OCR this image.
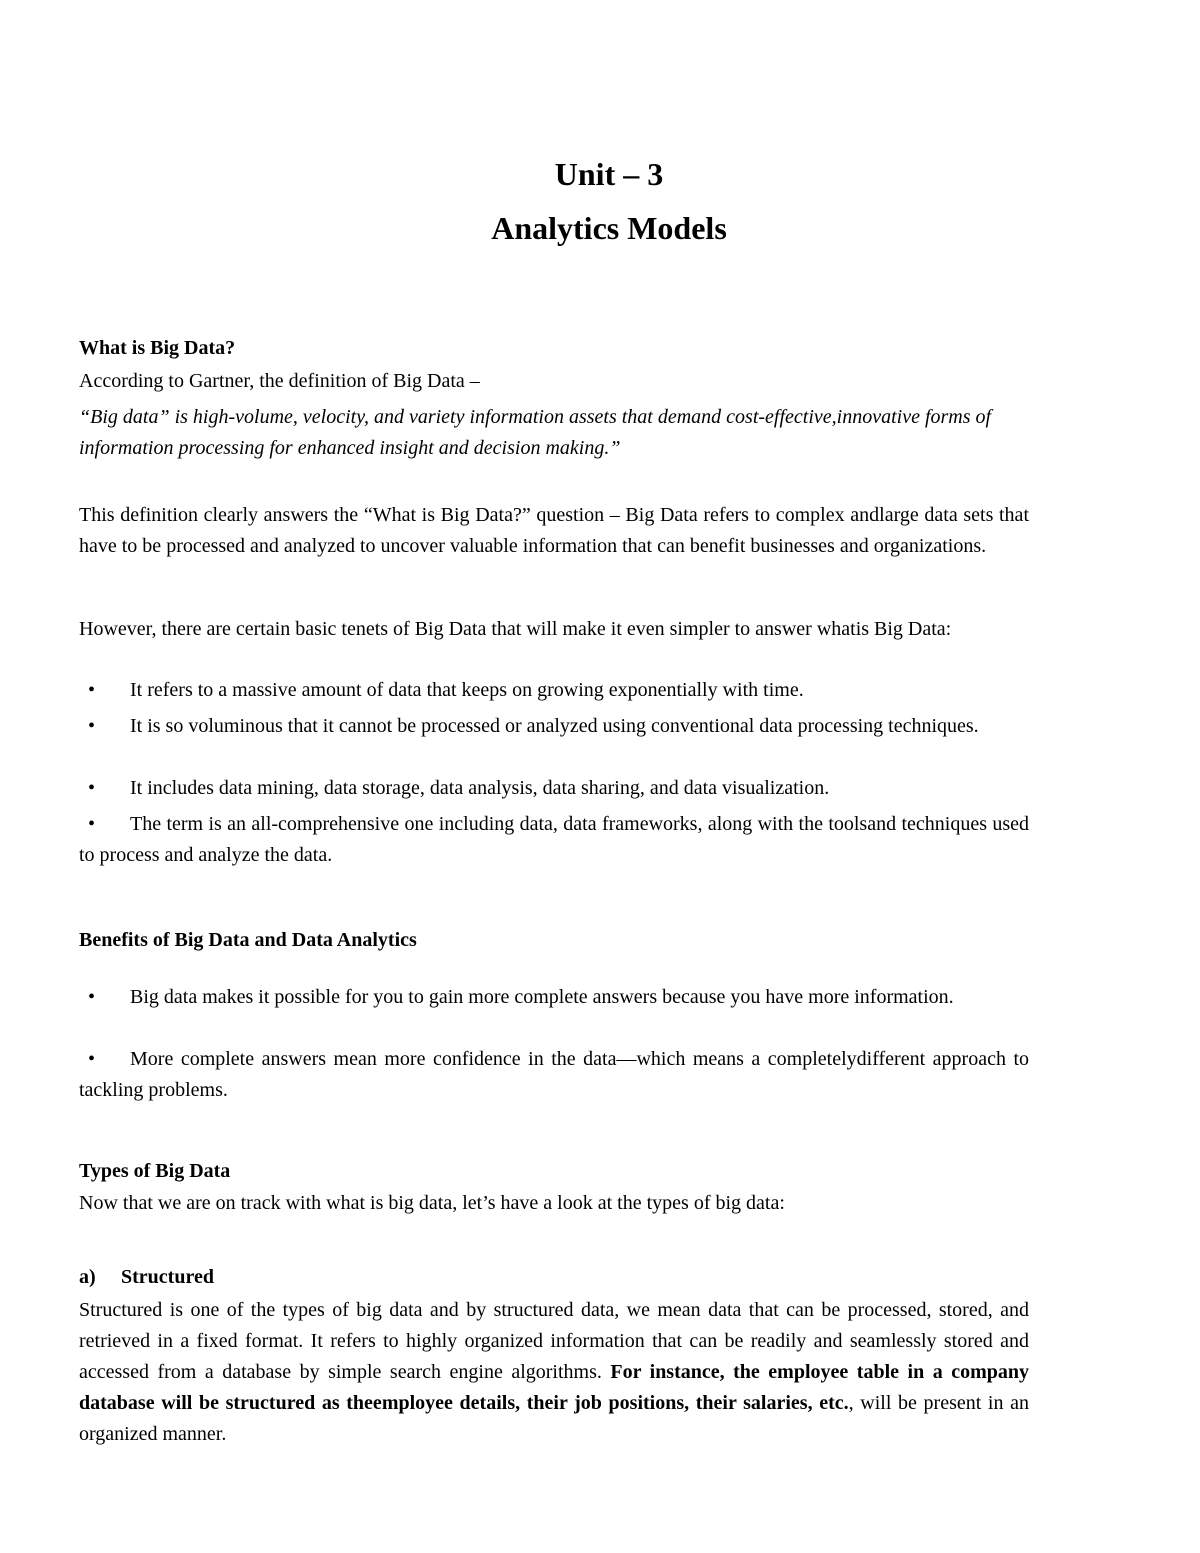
Unit – 3
Analytics Models
What is Big Data?
According to Gartner, the definition of Big Data –
“Big data” is high-volume, velocity, and variety information assets that demand cost-effective,innovative forms of information processing for enhanced insight and decision making.”
This definition clearly answers the “What is Big Data?” question – Big Data refers to complex andlarge data sets that have to be processed and analyzed to uncover valuable information that can benefit businesses and organizations.
However, there are certain basic tenets of Big Data that will make it even simpler to answer whatis Big Data:
• It refers to a massive amount of data that keeps on growing exponentially with time.
• It is so voluminous that it cannot be processed or analyzed using conventional data processing techniques.
• It includes data mining, data storage, data analysis, data sharing, and data visualization.
• The term is an all-comprehensive one including data, data frameworks, along with the toolsand techniques used to process and analyze the data.
Benefits of Big Data and Data Analytics
• Big data makes it possible for you to gain more complete answers because you have more information.
• More complete answers mean more confidence in the data—which means a completelydifferent approach to tackling problems.
Types of Big Data
Now that we are on track with what is big data, let’s have a look at the types of big data:
a) Structured
Structured is one of the types of big data and by structured data, we mean data that can be processed, stored, and retrieved in a fixed format. It refers to highly organized information that can be readily and seamlessly stored and accessed from a database by simple search engine algorithms. For instance, the employee table in a company database will be structured as theemployee details, their job positions, their salaries, etc., will be present in an organized manner.
